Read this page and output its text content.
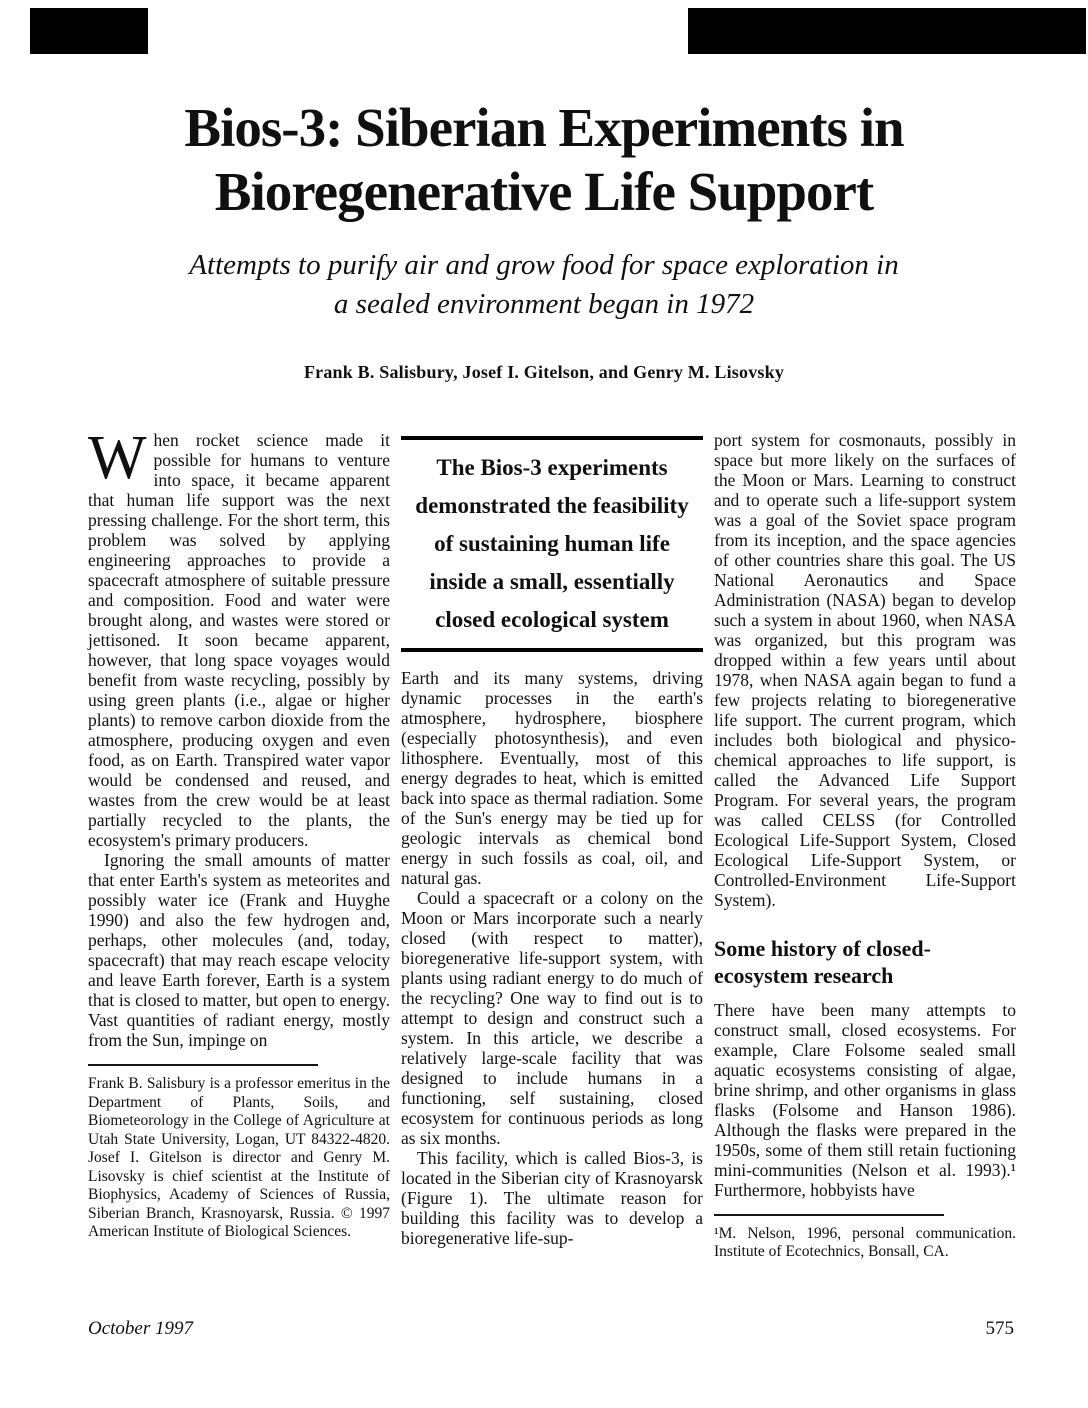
Bios-3: Siberian Experiments in
Bioregenerative Life Support

Attempts to purify air and grow food for space exploration in
a sealed environment began in 1972

Frank B. Salisbury, Josef I. Gitelson, and Genry M. Lisovsky

When rocket science made it possible for humans to venture into space, it became apparent that human life support was the next pressing challenge. For the short term, this problem was solved by applying engineering approaches to provide a spacecraft atmosphere of suitable pressure and composition. Food and water were brought along, and wastes were stored or jettisoned. It soon became apparent, however, that long space voyages would benefit from waste recycling, possibly by using green plants (i.e., algae or higher plants) to remove carbon dioxide from the atmosphere, producing oxygen and even food, as on Earth. Transpired water vapor would be condensed and reused, and wastes from the crew would be at least partially recycled to the plants, the ecosystem's primary producers.

Ignoring the small amounts of matter that enter Earth's system as meteorites and possibly water ice (Frank and Huyghe 1990) and also the few hydrogen and, perhaps, other molecules (and, today, spacecraft) that may reach escape velocity and leave Earth forever, Earth is a system that is closed to matter, but open to energy. Vast quantities of radiant energy, mostly from the Sun, impinge on

Frank B. Salisbury is a professor emeritus in the Department of Plants, Soils, and Biometeorology in the College of Agriculture at Utah State University, Logan, UT 84322-4820. Josef I. Gitelson is director and Genry M. Lisovsky is chief scientist at the Institute of Biophysics, Academy of Sciences of Russia, Siberian Branch, Krasnoyarsk, Russia. © 1997 American Institute of Biological Sciences.

The Bios-3 experiments demonstrated the feasibility of sustaining human life inside a small, essentially closed ecological system

Earth and its many systems, driving dynamic processes in the earth's atmosphere, hydrosphere, biosphere (especially photosynthesis), and even lithosphere. Eventually, most of this energy degrades to heat, which is emitted back into space as thermal radiation. Some of the Sun's energy may be tied up for geologic intervals as chemical bond energy in such fossils as coal, oil, and natural gas.

Could a spacecraft or a colony on the Moon or Mars incorporate such a nearly closed (with respect to matter), bioregenerative life-support system, with plants using radiant energy to do much of the recycling? One way to find out is to attempt to design and construct such a system. In this article, we describe a relatively large-scale facility that was designed to include humans in a functioning, self sustaining, closed ecosystem for continuous periods as long as six months.

This facility, which is called Bios-3, is located in the Siberian city of Krasnoyarsk (Figure 1). The ultimate reason for building this facility was to develop a bioregenerative life-sup-

port system for cosmonauts, possibly in space but more likely on the surfaces of the Moon or Mars. Learning to construct and to operate such a life-support system was a goal of the Soviet space program from its inception, and the space agencies of other countries share this goal. The US National Aeronautics and Space Administration (NASA) began to develop such a system in about 1960, when NASA was organized, but this program was dropped within a few years until about 1978, when NASA again began to fund a few projects relating to bioregenerative life support. The current program, which includes both biological and physico-chemical approaches to life support, is called the Advanced Life Support Program. For several years, the program was called CELSS (for Controlled Ecological Life-Support System, Closed Ecological Life-Support System, or Controlled-Environment Life-Support System).

Some history of closed-ecosystem research

There have been many attempts to construct small, closed ecosystems. For example, Clare Folsome sealed small aquatic ecosystems consisting of algae, brine shrimp, and other organisms in glass flasks (Folsome and Hanson 1986). Although the flasks were prepared in the 1950s, some of them still retain fuctioning mini-communities (Nelson et al. 1993).¹ Furthermore, hobbyists have

¹M. Nelson, 1996, personal communication. Institute of Ecotechnics, Bonsall, CA.

October 1997	575
